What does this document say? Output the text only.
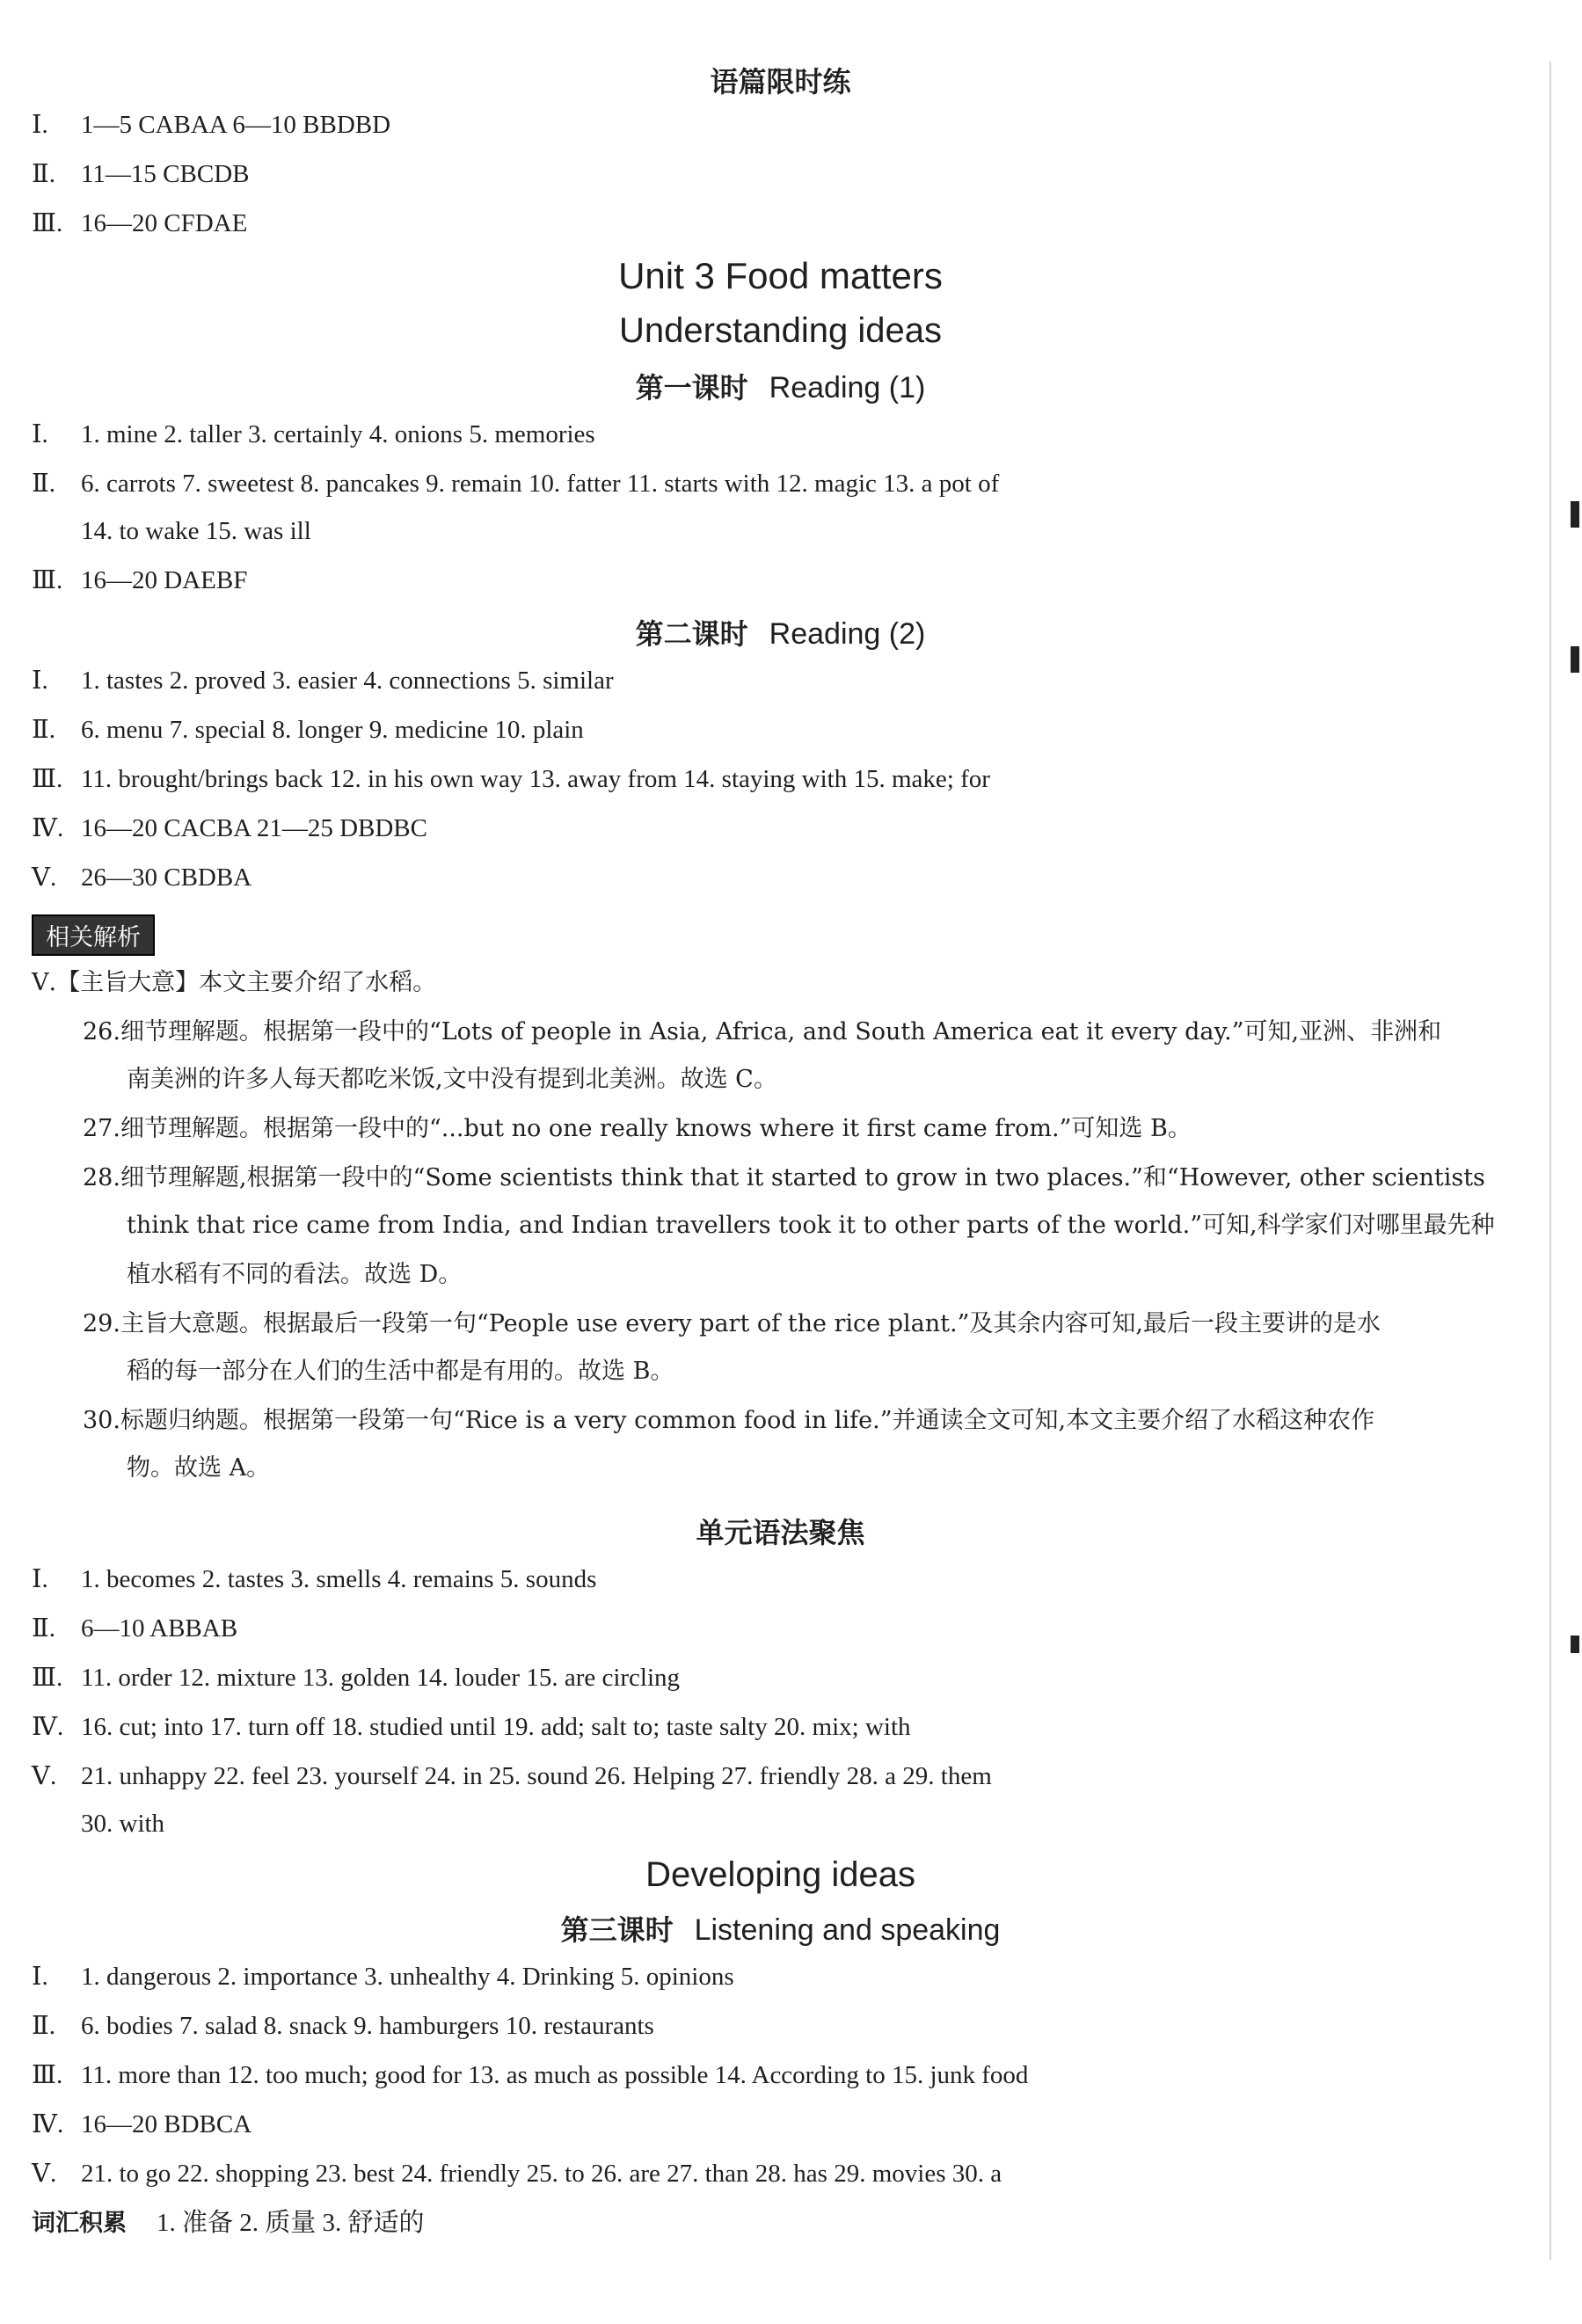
语篇限时练
Ⅰ. 1—5 CABAA 6—10 BBDBD
Ⅱ. 11—15 CBCDB
Ⅲ. 16—20 CFDAE
Unit 3 Food matters
Understanding ideas
第一课时 Reading (1)
Ⅰ. 1. mine 2. taller 3. certainly 4. onions 5. memories
Ⅱ. 6. carrots 7. sweetest 8. pancakes 9. remain 10. fatter 11. starts with 12. magic 13. a pot of
14. to wake 15. was ill
Ⅲ. 16—20 DAEBF
第二课时 Reading (2)
Ⅰ. 1. tastes 2. proved 3. easier 4. connections 5. similar
Ⅱ. 6. menu 7. special 8. longer 9. medicine 10. plain
Ⅲ. 11. brought/brings back 12. in his own way 13. away from 14. staying with 15. make; for
Ⅳ. 16—20 CACBA 21—25 DBDBC
Ⅴ. 26—30 CBDBA
相关解析
Ⅴ.【主旨大意】本文主要介绍了水稻。
26.细节理解题。根据第一段中的“Lots of people in Asia, Africa, and South America eat it every day.”可知,亚洲、非洲和
南美洲的许多人每天都吃米饭,文中没有提到北美洲。故选 C。
27.细节理解题。根据第一段中的“...but no one really knows where it first came from.”可知选 B。
28.细节理解题,根据第一段中的“Some scientists think that it started to grow in two places.”和“However, other scientists
think that rice came from India, and Indian travellers took it to other parts of the world.”可知,科学家们对哪里最先种
植水稻有不同的看法。故选 D。
29.主旨大意题。根据最后一段第一句“People use every part of the rice plant.”及其余内容可知,最后一段主要讲的是水
稻的每一部分在人们的生活中都是有用的。故选 B。
30.标题归纳题。根据第一段第一句“Rice is a very common food in life.”并通读全文可知,本文主要介绍了水稻这种农作
物。故选 A。
单元语法聚焦
Ⅰ. 1. becomes 2. tastes 3. smells 4. remains 5. sounds
Ⅱ. 6—10 ABBAB
Ⅲ. 11. order 12. mixture 13. golden 14. louder 15. are circling
Ⅳ. 16. cut; into 17. turn off 18. studied until 19. add; salt to; taste salty 20. mix; with
Ⅴ. 21. unhappy 22. feel 23. yourself 24. in 25. sound 26. Helping 27. friendly 28. a 29. them
30. with
Developing ideas
第三课时 Listening and speaking
Ⅰ. 1. dangerous 2. importance 3. unhealthy 4. Drinking 5. opinions
Ⅱ. 6. bodies 7. salad 8. snack 9. hamburgers 10. restaurants
Ⅲ. 11. more than 12. too much; good for 13. as much as possible 14. According to 15. junk food
Ⅳ. 16—20 BDBCA
Ⅴ. 21. to go 22. shopping 23. best 24. friendly 25. to 26. are 27. than 28. has 29. movies 30. a
词汇积累 1. 准备 2. 质量 3. 舒适的
